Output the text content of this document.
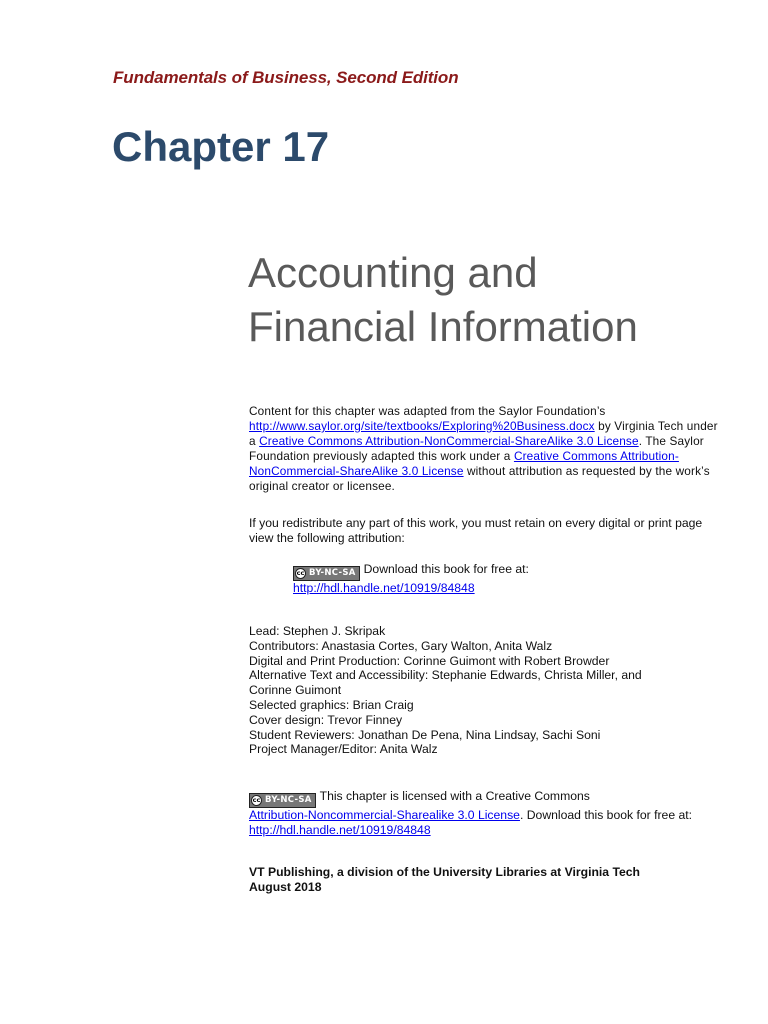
Fundamentals of Business, Second Edition

Chapter 17
Accounting and
Financial Information

Content for this chapter was adapted from the Saylor Foundation’s
http://www.saylor.org/site/textbooks/Exploring%20Business.docx by Virginia Tech under a Creative Commons Attribution-NonCommercial-ShareAlike 3.0 License. The Saylor Foundation previously adapted this work under a Creative Commons Attribution-NonCommercial-ShareAlike 3.0 License without attribution as requested by the work’s original creator or licensee.

If you redistribute any part of this work, you must retain on every digital or print page view the following attribution:

cc BY-NC-SA Download this book for free at:
http://hdl.handle.net/10919/84848

Lead: Stephen J. Skripak
Contributors: Anastasia Cortes, Gary Walton, Anita Walz
Digital and Print Production: Corinne Guimont with Robert Browder
Alternative Text and Accessibility: Stephanie Edwards, Christa Miller, and
Corinne Guimont
Selected graphics: Brian Craig
Cover design: Trevor Finney
Student Reviewers: Jonathan De Pena, Nina Lindsay, Sachi Soni
Project Manager/Editor: Anita Walz

cc BY-NC-SA This chapter is licensed with a Creative Commons
Attribution-Noncommercial-Sharealike 3.0 License. Download this book for free at: http://hdl.handle.net/10919/84848

VT Publishing, a division of the University Libraries at Virginia Tech
August 2018
